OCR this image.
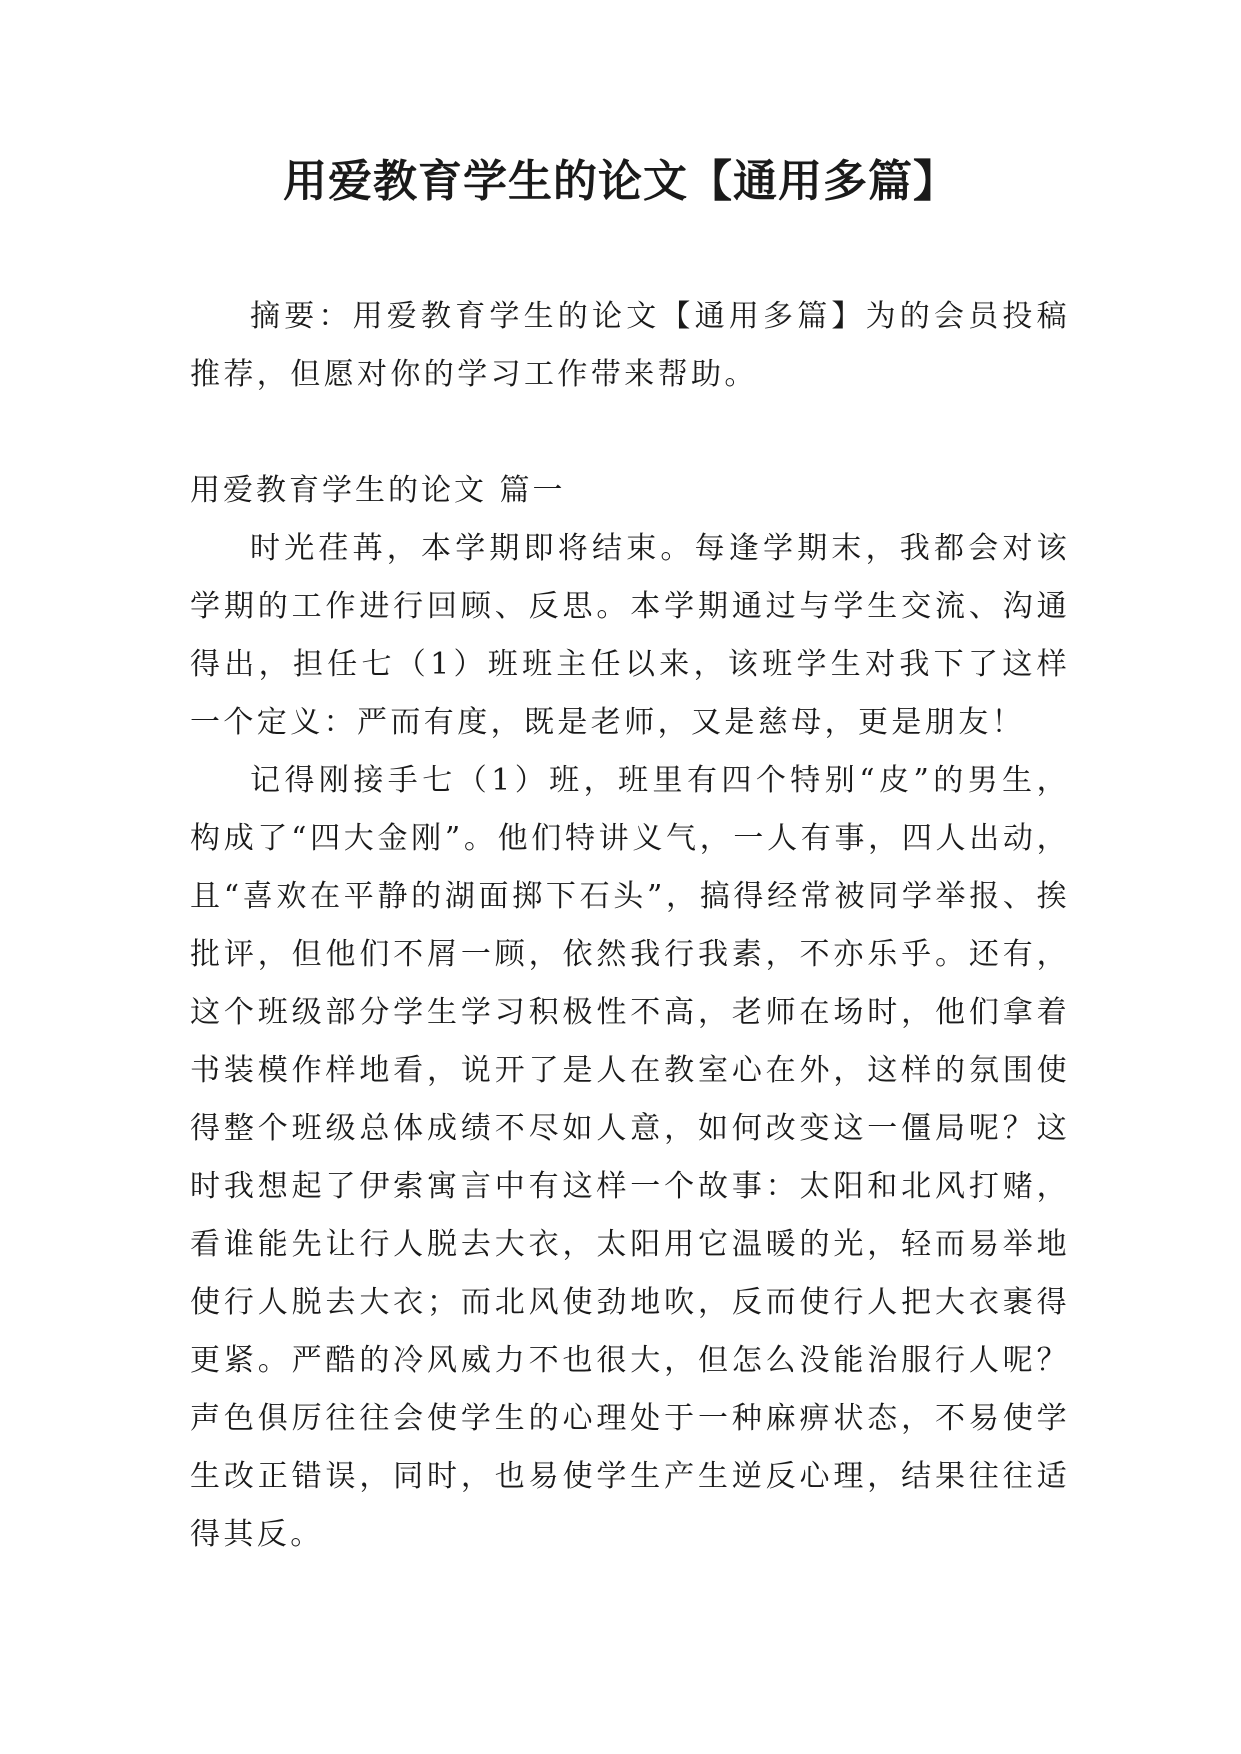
用爱教育学生的论文【通用多篇】

摘要：用爱教育学生的论文【通用多篇】为的会员投稿推荐，但愿对你的学习工作带来帮助。

用爱教育学生的论文 篇一

时光荏苒，本学期即将结束。每逢学期末，我都会对该学期的工作进行回顾、反思。本学期通过与学生交流、沟通得出，担任七（1）班班主任以来，该班学生对我下了这样一个定义：严而有度，既是老师，又是慈母，更是朋友！

记得刚接手七（1）班，班里有四个特别“皮”的男生，构成了“四大金刚”。他们特讲义气，一人有事，四人出动，且“喜欢在平静的湖面掷下石头”，搞得经常被同学举报、挨批评，但他们不屑一顾，依然我行我素，不亦乐乎。还有，这个班级部分学生学习积极性不高，老师在场时，他们拿着书装模作样地看，说开了是人在教室心在外，这样的氛围使得整个班级总体成绩不尽如人意，如何改变这一僵局呢？这时我想起了伊索寓言中有这样一个故事：太阳和北风打赌，看谁能先让行人脱去大衣，太阳用它温暖的光，轻而易举地使行人脱去大衣；而北风使劲地吹，反而使行人把大衣裹得更紧。严酷的冷风威力不也很大，但怎么没能治服行人呢？声色俱厉往往会使学生的心理处于一种麻痹状态，不易使学生改正错误，同时，也易使学生产生逆反心理，结果往往适得其反。
